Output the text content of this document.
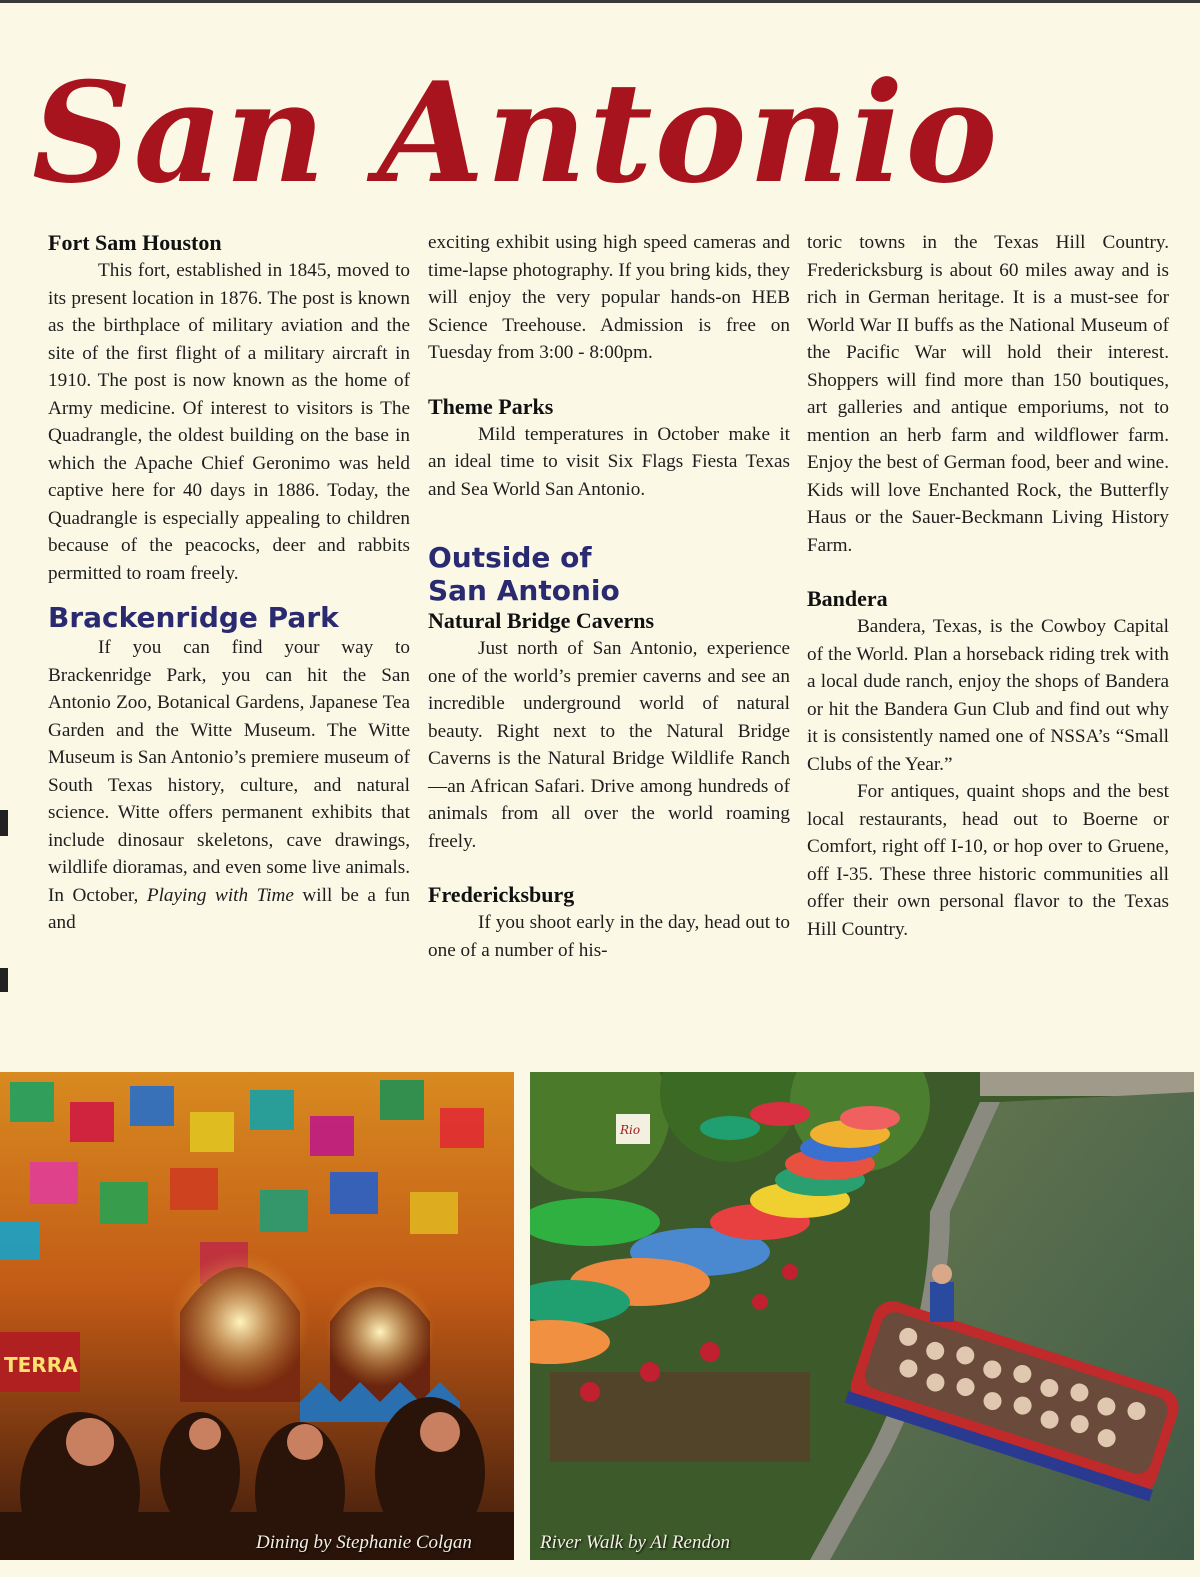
San Antonio
Fort Sam Houston
This fort, established in 1845, moved to its present location in 1876. The post is known as the birthplace of military aviation and the site of the first flight of a military aircraft in 1910. The post is now known as the home of Army medicine. Of interest to visitors is The Quadrangle, the oldest building on the base in which the Apache Chief Geronimo was held captive here for 40 days in 1886. Today, the Quadrangle is especially appealing to children because of the peacocks, deer and rabbits permitted to roam freely.
Brackenridge Park
If you can find your way to Brackenridge Park, you can hit the San Antonio Zoo, Botanical Gardens, Japanese Tea Garden and the Witte Museum. The Witte Museum is San Antonio’s premiere museum of South Texas history, culture, and natural science. Witte offers permanent exhibits that include dinosaur skeletons, cave drawings, wildlife dioramas, and even some live animals. In October, Playing with Time will be a fun and
exciting exhibit using high speed cameras and time-lapse photography. If you bring kids, they will enjoy the very popular hands-on HEB Science Treehouse. Admission is free on Tuesday from 3:00 - 8:00pm.
Theme Parks
Mild temperatures in October make it an ideal time to visit Six Flags Fiesta Texas and Sea World San Antonio.
Outside of
San Antonio
Natural Bridge Caverns
Just north of San Antonio, experience one of the world’s premier caverns and see an incredible underground world of natural beauty. Right next to the Natural Bridge Caverns is the Natural Bridge Wildlife Ranch—an African Safari. Drive among hundreds of animals from all over the world roaming freely.
Fredericksburg
If you shoot early in the day, head out to one of a number of his-
toric towns in the Texas Hill Country. Fredericksburg is about 60 miles away and is rich in German heritage. It is a must-see for World War II buffs as the National Museum of the Pacific War will hold their interest. Shoppers will find more than 150 boutiques, art galleries and antique emporiums, not to mention an herb farm and wildflower farm. Enjoy the best of German food, beer and wine. Kids will love Enchanted Rock, the Butterfly Haus or the Sauer-Beckmann Living History Farm.
Bandera
Bandera, Texas, is the Cowboy Capital of the World. Plan a horseback riding trek with a local dude ranch, enjoy the shops of Bandera or hit the Bandera Gun Club and find out why it is consistently named one of NSSA’s “Small Clubs of the Year.”
For antiques, quaint shops and the best local restaurants, head out to Boerne or Comfort, right off I-10, or hop over to Gruene, off I-35. These three historic communities all offer their own personal flavor to the Texas Hill Country.
TERRA
Dining by Stephanie Colgan
Rio
River Walk by Al Rendon
